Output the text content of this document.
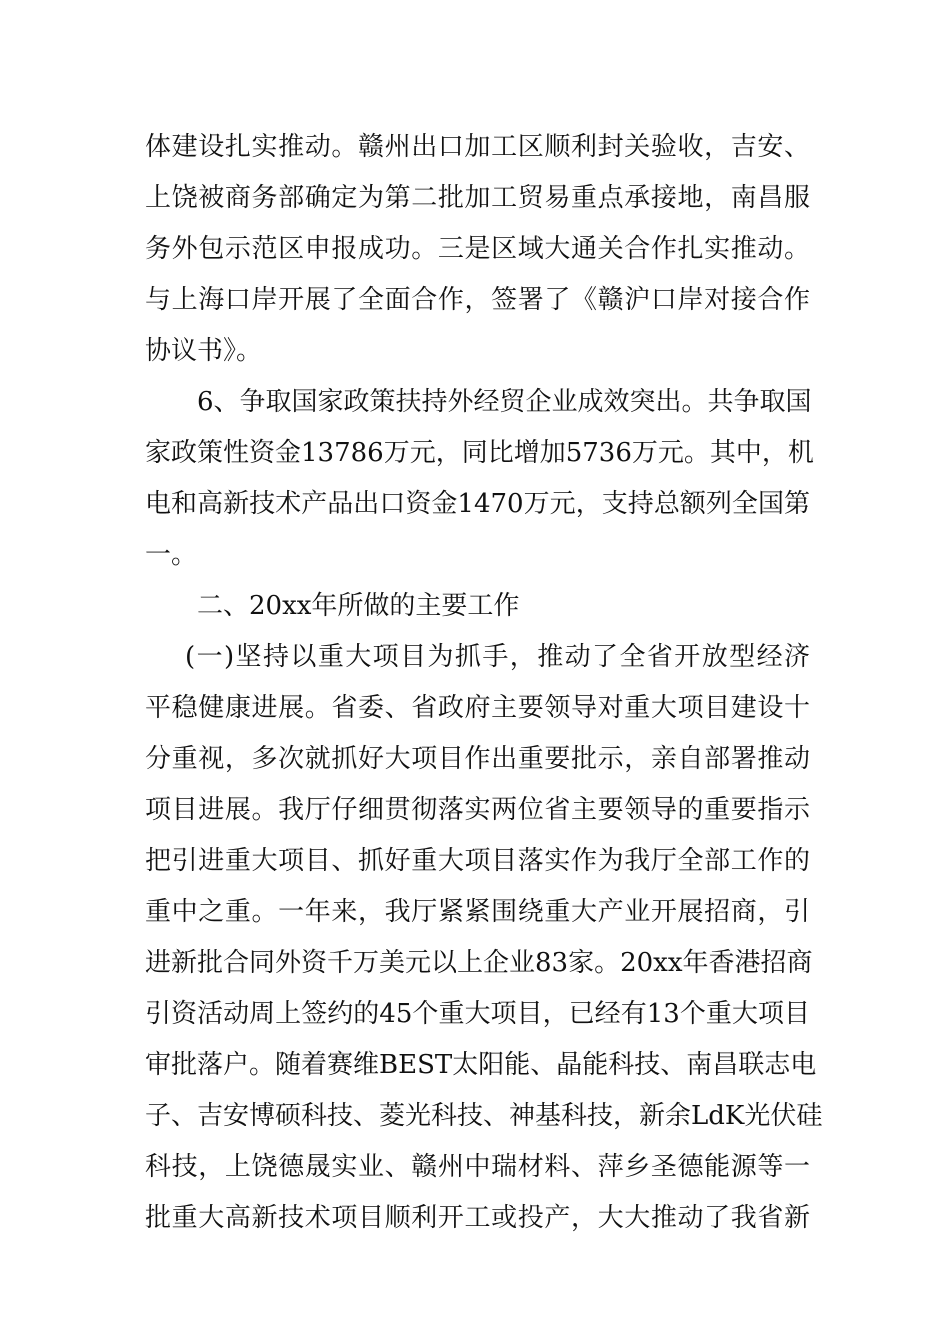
体建设扎实推动。赣州出口加工区顺利封关验收，吉安、
上饶被商务部确定为第二批加工贸易重点承接地，南昌服
务外包示范区申报成功。三是区域大通关合作扎实推动。
与上海口岸开展了全面合作，签署了《赣沪口岸对接合作
协议书》。
6、争取国家政策扶持外经贸企业成效突出。共争取国
家政策性资金13786万元，同比增加5736万元。其中，机
电和高新技术产品出口资金1470万元，支持总额列全国第
一。
二、20xx年所做的主要工作
(一)坚持以重大项目为抓手，推动了全省开放型经济
平稳健康进展。省委、省政府主要领导对重大项目建设十
分重视，多次就抓好大项目作出重要批示，亲自部署推动
项目进展。我厅仔细贯彻落实两位省主要领导的重要指示
把引进重大项目、抓好重大项目落实作为我厅全部工作的
重中之重。一年来，我厅紧紧围绕重大产业开展招商，引
进新批合同外资千万美元以上企业83家。20xx年香港招商
引资活动周上签约的45个重大项目，已经有13个重大项目
审批落户。随着赛维BEST太阳能、晶能科技、南昌联志电
子、吉安博硕科技、菱光科技、神基科技，新余LdK光伏硅
科技，上饶德晟实业、赣州中瑞材料、萍乡圣德能源等一
批重大高新技术项目顺利开工或投产，大大推动了我省新
